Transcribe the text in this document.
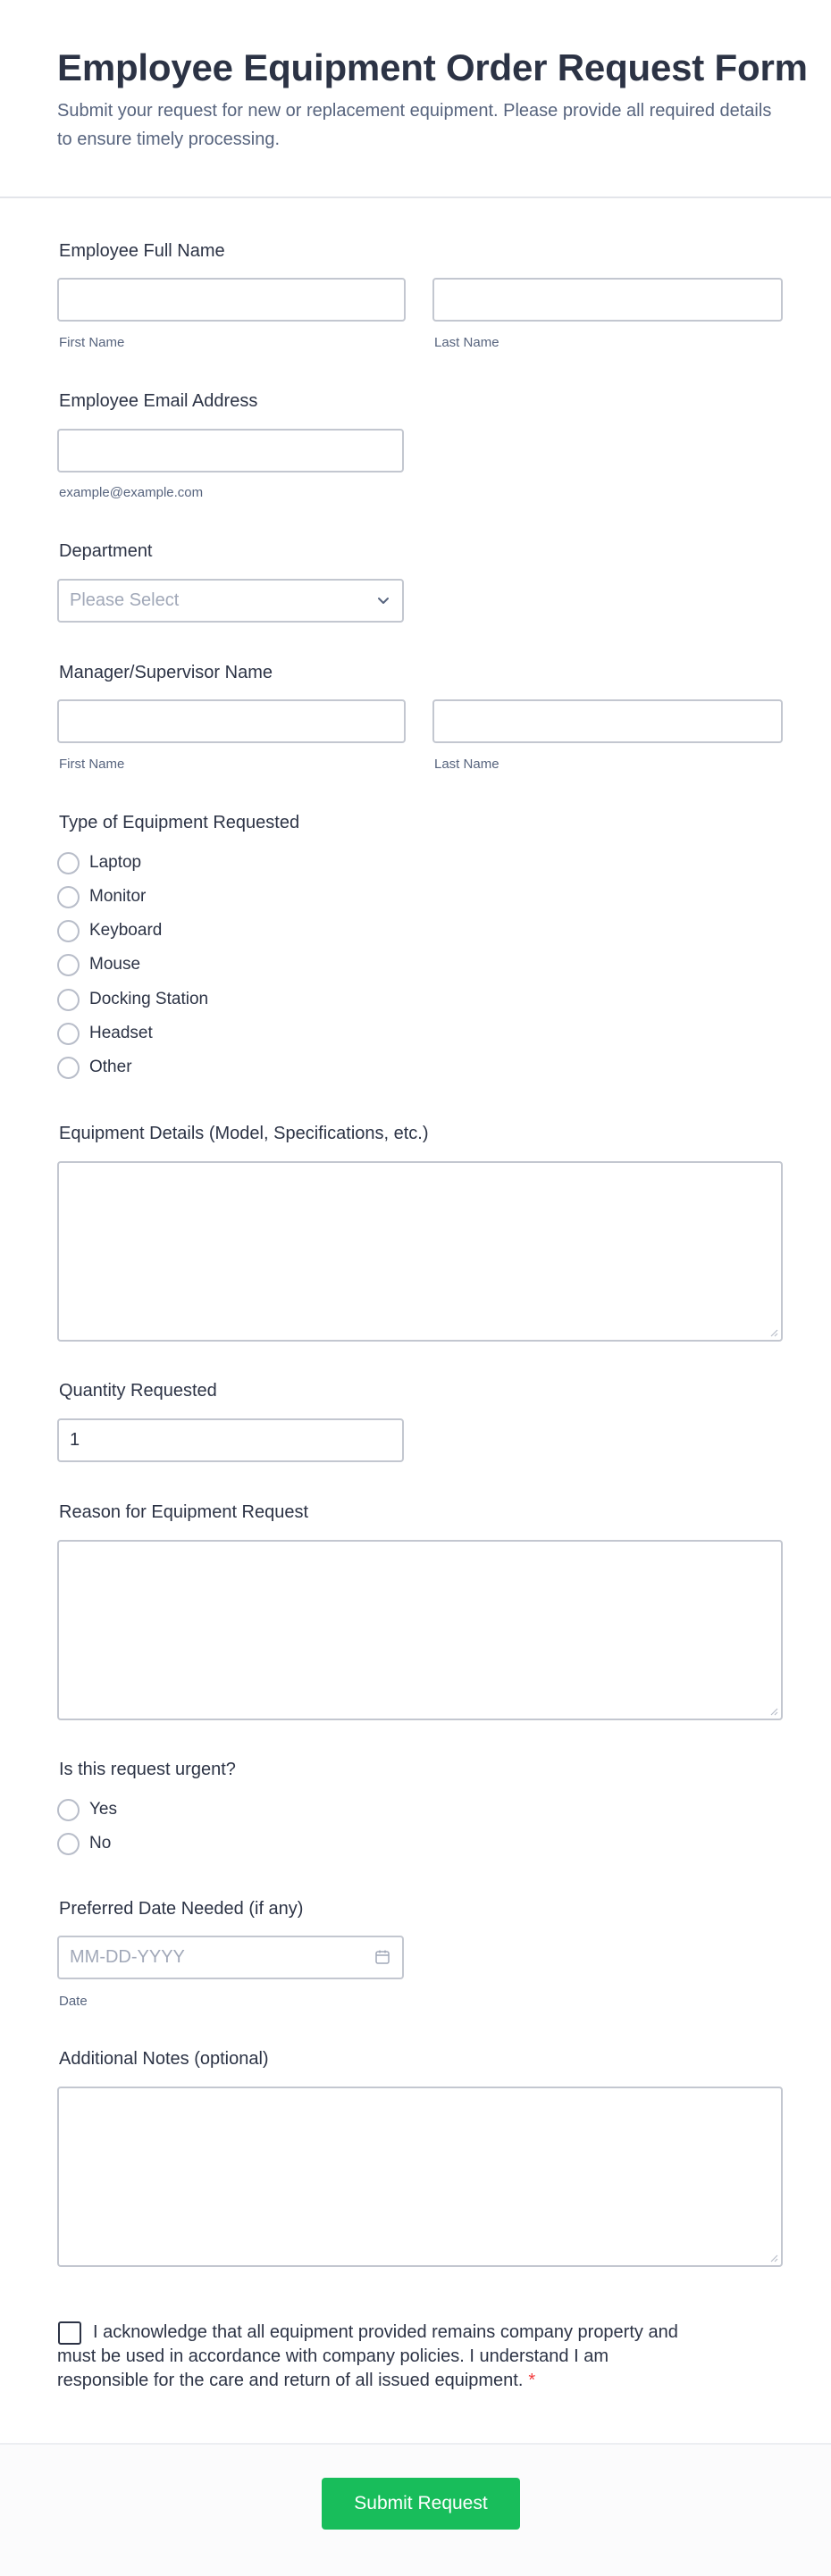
Employee Equipment Order Request Form
Submit your request for new or replacement equipment. Please provide all required details to ensure timely processing.
Employee Full Name
First Name	Last Name
Employee Email Address
example@example.com
Department
Please Select
Manager/Supervisor Name
First Name	Last Name
Type of Equipment Requested
Laptop
Monitor
Keyboard
Mouse
Docking Station
Headset
Other
Equipment Details (Model, Specifications, etc.)
Quantity Requested
1
Reason for Equipment Request
Is this request urgent?
Yes
No
Preferred Date Needed (if any)
MM-DD-YYYY
Date
Additional Notes (optional)
I acknowledge that all equipment provided remains company property and must be used in accordance with company policies. I understand I am responsible for the care and return of all issued equipment. *
Submit Request
